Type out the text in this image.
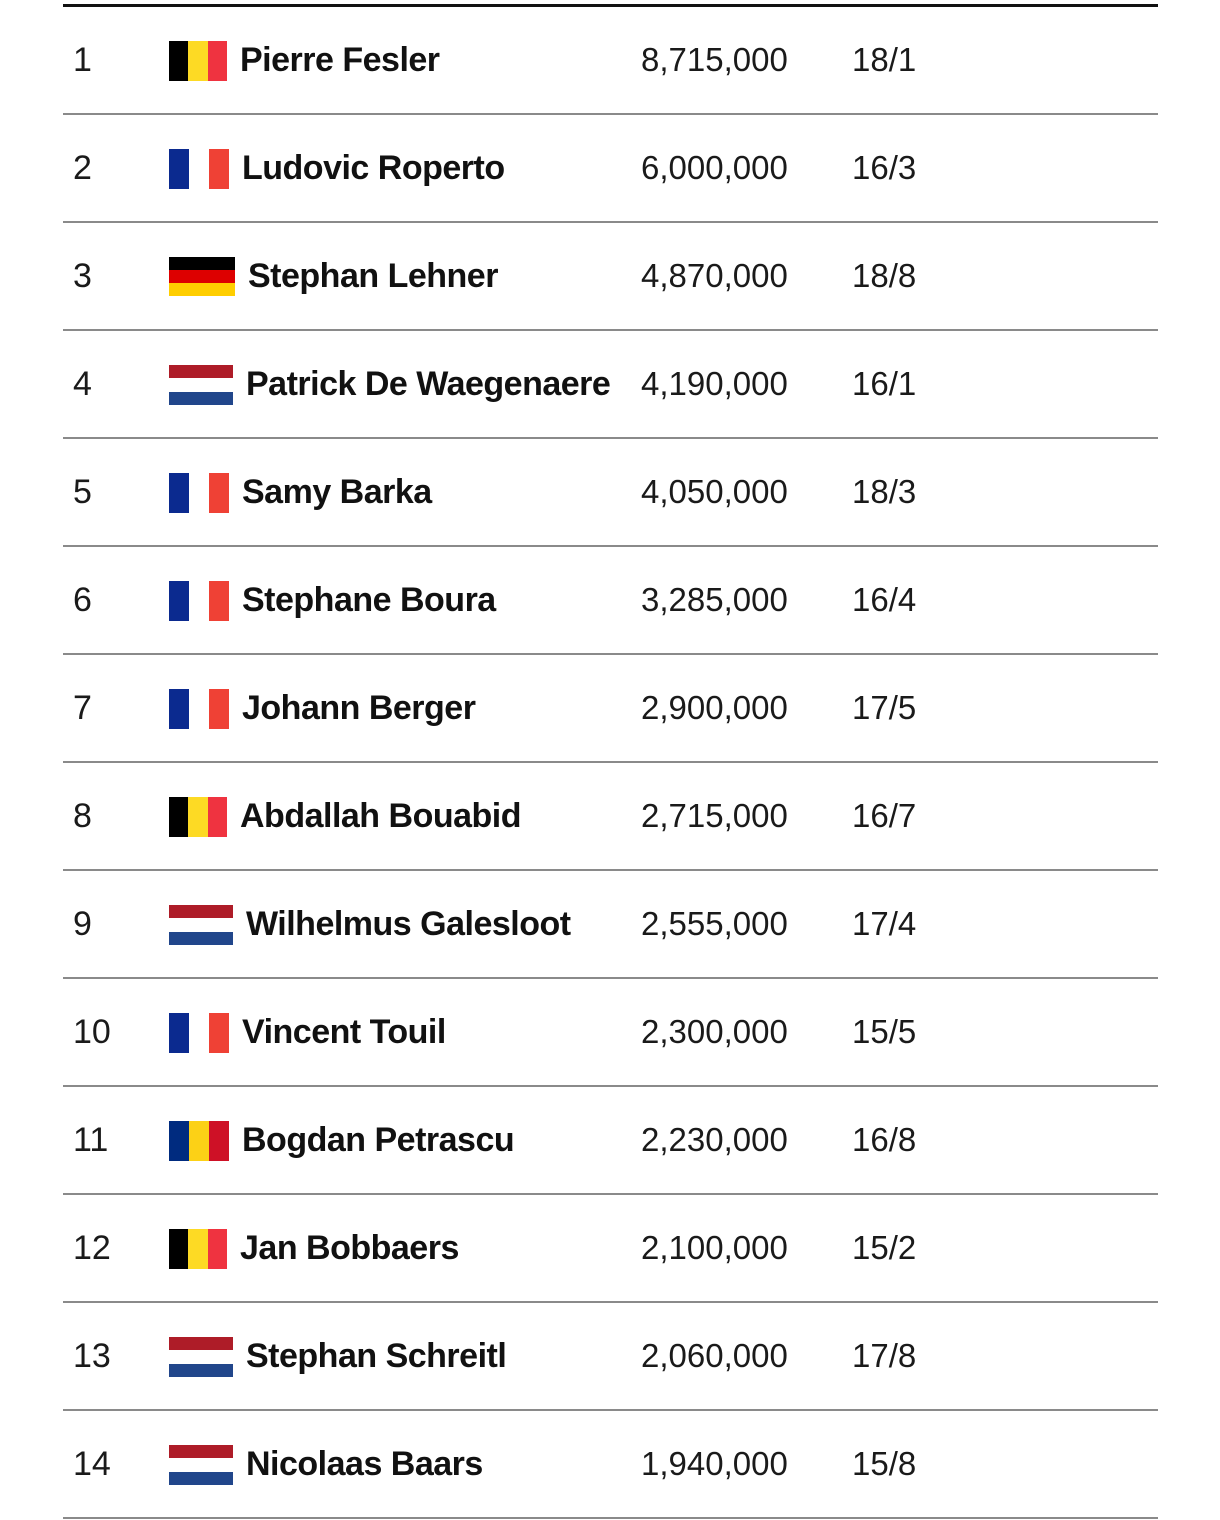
1	Pierre Fesler	8,715,000 18/1
2	Ludovic Roperto	6,000,000 16/3
3	Stephan Lehner	4,870,000 18/8
4	Patrick De Waegenaere 4,190,000 16/1
5	Samy Barka	4,050,000 18/3
6	Stephane Boura	3,285,000 16/4
7	Johann Berger	2,900,000 17/5
8	Abdallah Bouabid	2,715,000 16/7
9	Wilhelmus Galesloot 2,555,000 17/4
10	Vincent Touil	2,300,000 15/5
11	Bogdan Petrascu	2,230,000 16/8
12	Jan Bobbaers	2,100,000 15/2
13	Stephan Schreitl	2,060,000 17/8
14	Nicolaas Baars	1,940,000 15/8
